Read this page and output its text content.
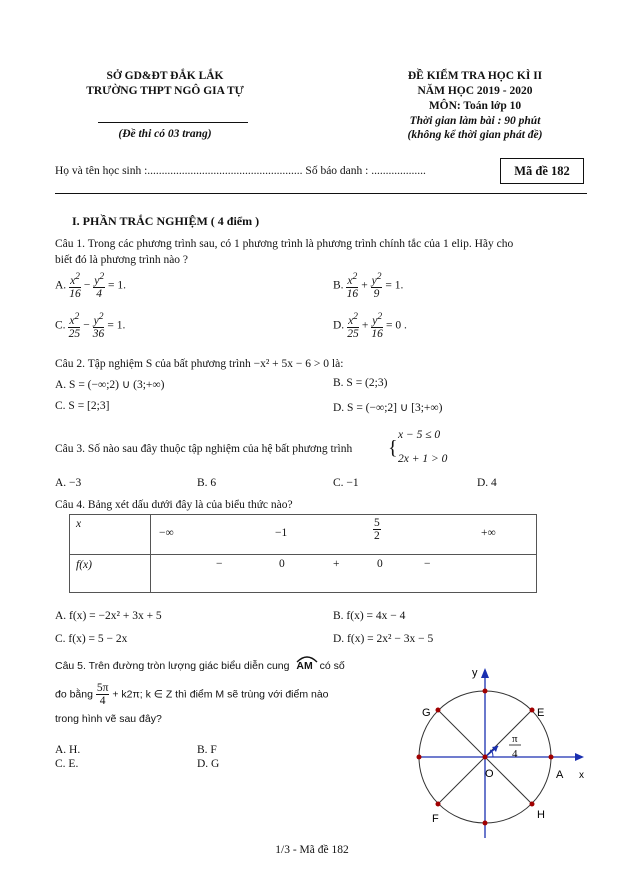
SỞ GD&ĐT ĐẮK LẮK
TRƯỜNG THPT NGÔ GIA TỰ
(Đề thi có 03 trang)
ĐỀ KIỂM TRA HỌC KÌ II
NĂM HỌC 2019 - 2020
MÔN: Toán lớp 10
Thời gian làm bài : 90 phút
(không kể thời gian phát đề)
Họ và tên học sinh :...................................................... Số báo danh : ...................	Mã đề 182
I. PHẦN TRẮC NGHIỆM ( 4 điểm )
Câu 1. Trong các phương trình sau, có 1 phương trình là phương trình chính tắc của 1 elip. Hãy cho
biết đó là phương trình nào ?
A. $\frac{x^2}{16} - \frac{y^2}{4} = 1$.	B. $\frac{x^2}{16} + \frac{y^2}{9} = 1$.
C. $\frac{x^2}{25} - \frac{y^2}{36} = 1$.	D. $\frac{x^2}{25} + \frac{y^2}{16} = 0$ .
Câu 2. Tập nghiệm S của bất phương trình −x² + 5x − 6 > 0 là:
A. S = (−∞;2) ∪ (3;+∞)	B. S = (2;3)
C. S = [2;3]	D. S = (−∞;2] ∪ [3;+∞)
Câu 3. Số nào sau đây thuộc tập nghiệm của hệ bất phương trình {
x − 5 ≤ 0
2x + 1 > 0
A. −3	B. 6	C. −1	D. 4
Câu 4. Bảng xét dấu dưới đây là của biểu thức nào?
x	−∞ $-1 \frac{5}{2}$ +∞

f(x)	− 0 + 0 −
A. f(x) = −2x² + 3x + 5	B. f(x) = 4x − 4
C. f(x) = 5 − 2x	D. f(x) = 2x² − 3x − 5
Câu 5. Trên đường tròn lượng giác biểu diễn cung AM có số
đo bằng $\frac{5\pi}{4} + k2\pi$; k ∈ Z thì điểm M sẽ trùng với điểm nào
trong hình vẽ sau đây?
A. H.	B. F
C. E.	D. G
y
x
O	A
E
G
F	H
π
4
1/3 - Mã đề 182
